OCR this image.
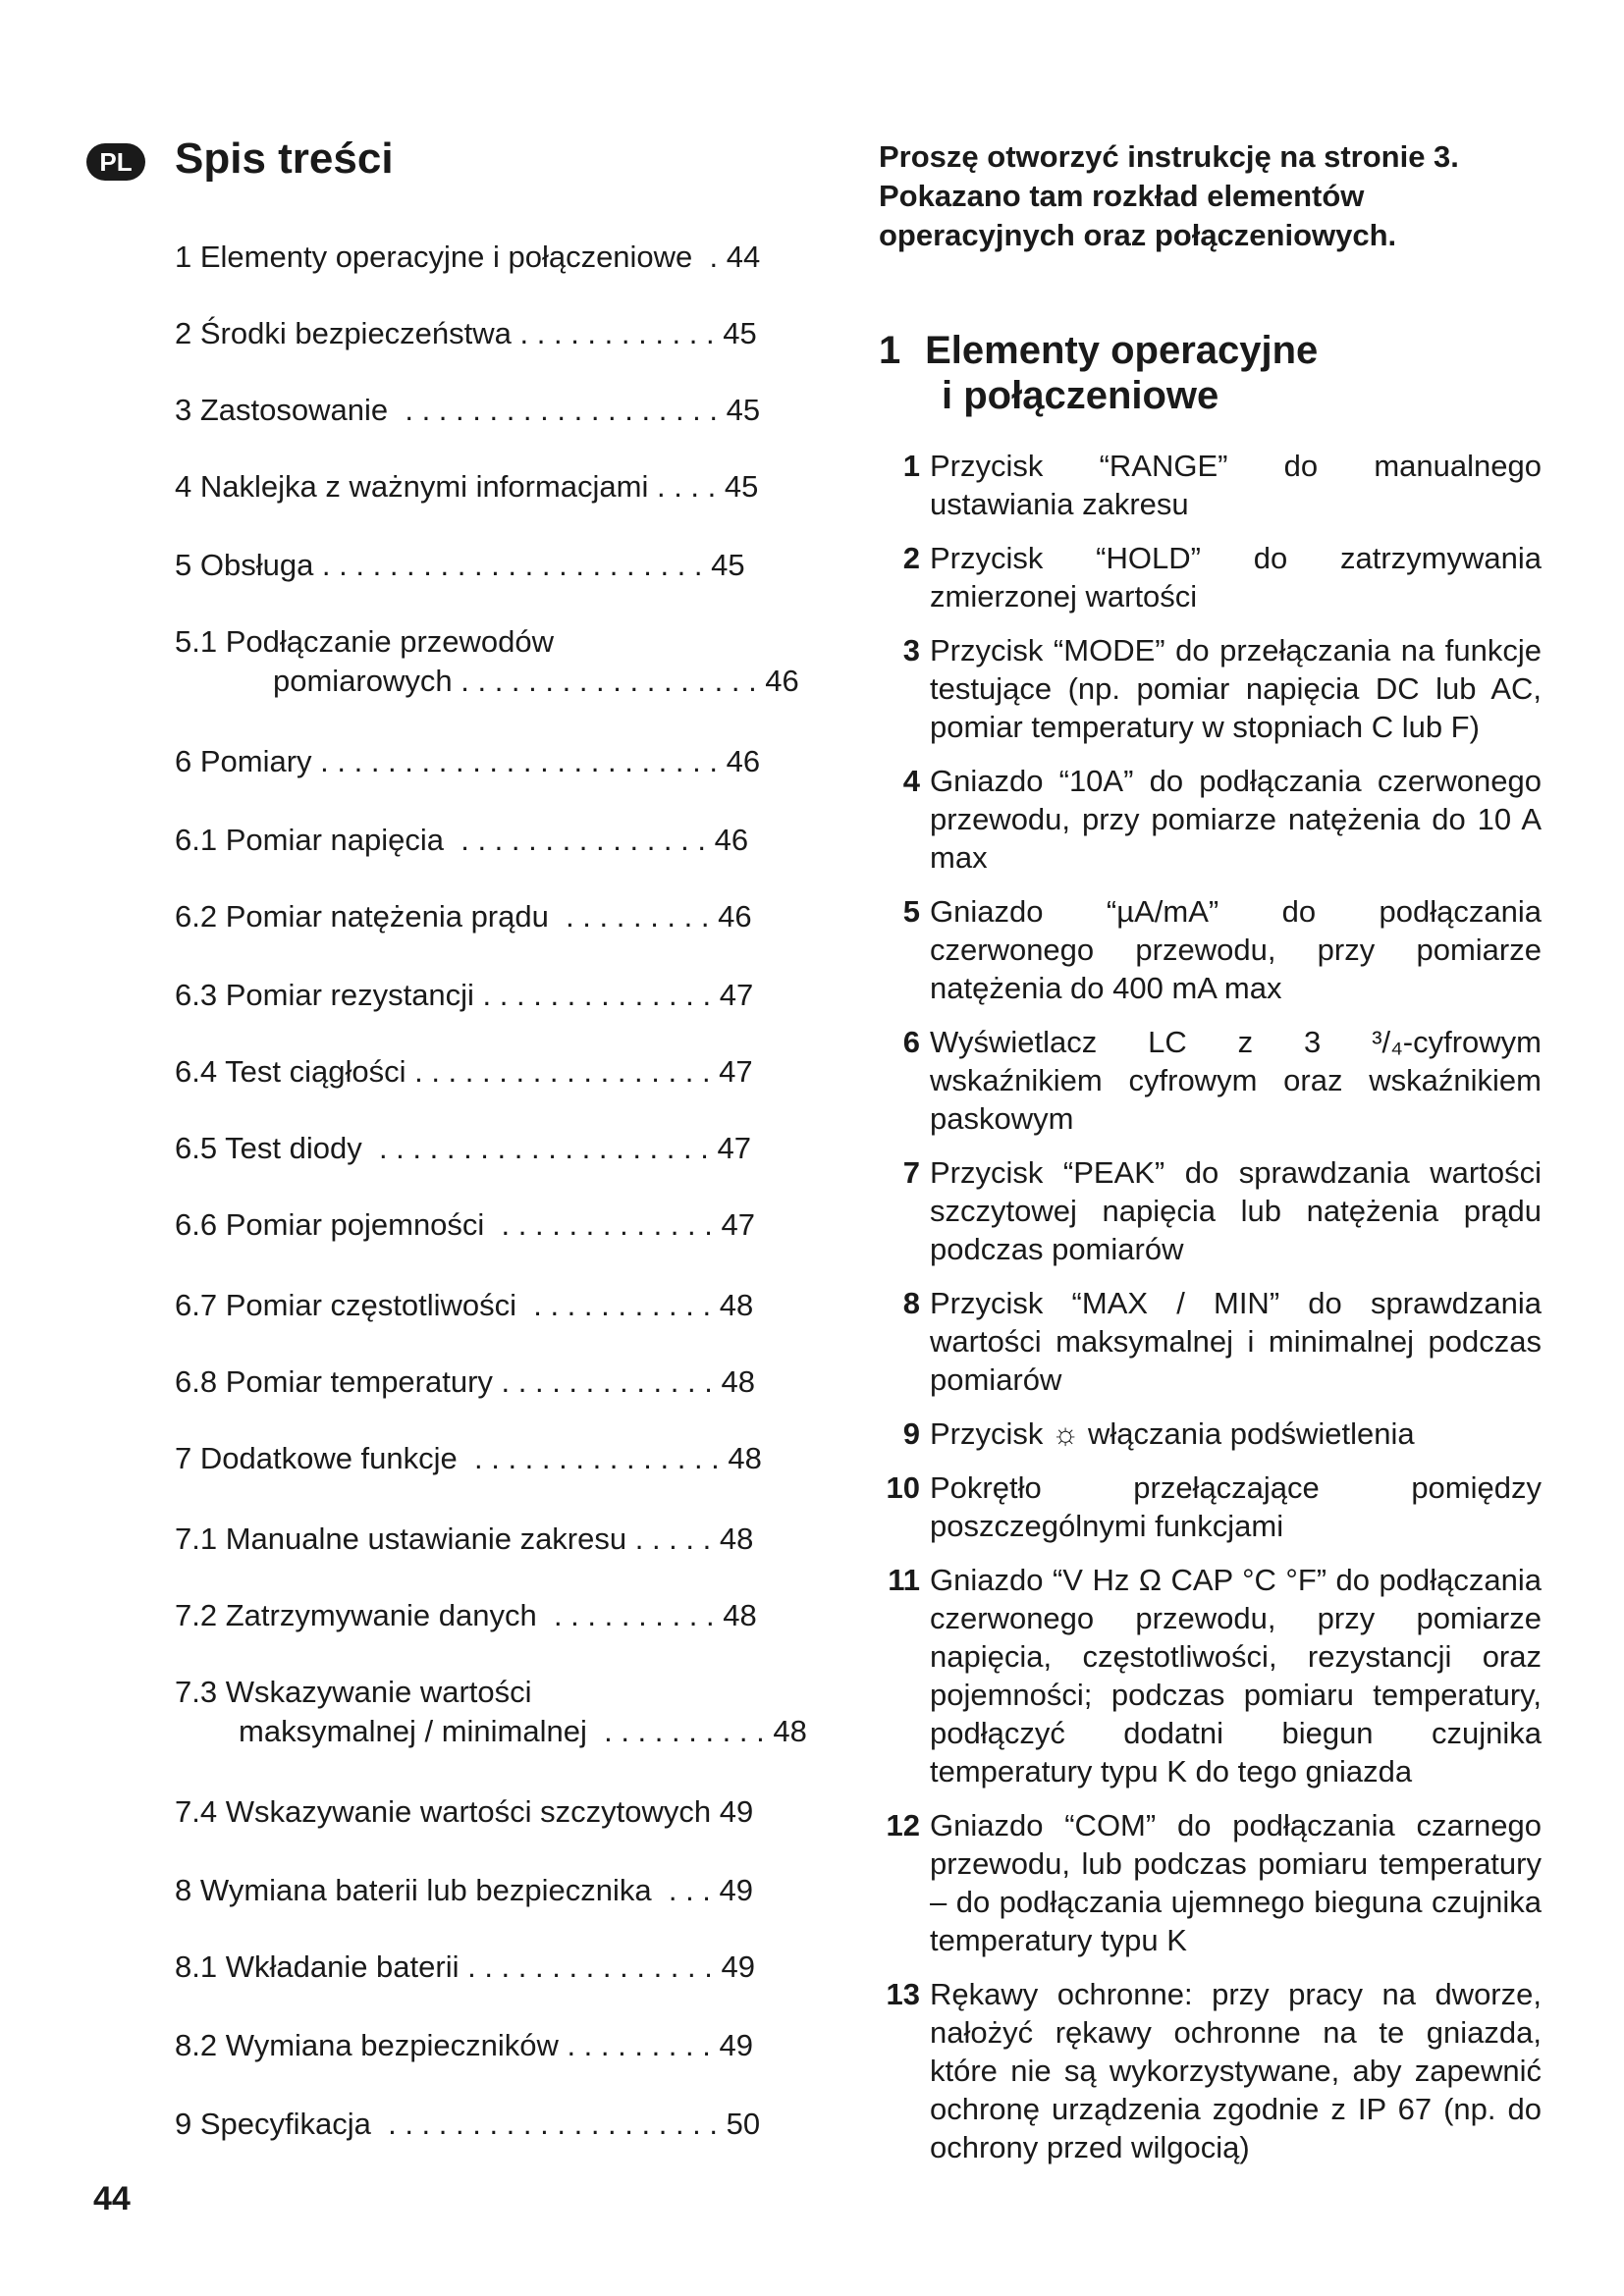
PL Spis treści
1 Elementy operacyjne i połączeniowe  . 44
2 Środki bezpieczeństwa . . . . . . . . . . . . 45
3 Zastosowanie  . . . . . . . . . . . . . . . . . . . 45
4 Naklejka z ważnymi informacjami . . . . 45
5 Obsługa . . . . . . . . . . . . . . . . . . . . . . . 45
5.1 Podłączanie przewodów
pomiarowych . . . . . . . . . . . . . . . . . . 46
6 Pomiary . . . . . . . . . . . . . . . . . . . . . . . . 46
6.1 Pomiar napięcia  . . . . . . . . . . . . . . . 46
6.2 Pomiar natężenia prądu  . . . . . . . . . 46
6.3 Pomiar rezystancji . . . . . . . . . . . . . . 47
6.4 Test ciągłości . . . . . . . . . . . . . . . . . . 47
6.5 Test diody  . . . . . . . . . . . . . . . . . . . . 47
6.6 Pomiar pojemności  . . . . . . . . . . . . . 47
6.7 Pomiar częstotliwości  . . . . . . . . . . . 48
6.8 Pomiar temperatury . . . . . . . . . . . . . 48
7 Dodatkowe funkcje  . . . . . . . . . . . . . . . 48
7.1 Manualne ustawianie zakresu . . . . . 48
7.2 Zatrzymywanie danych  . . . . . . . . . . 48
7.3 Wskazywanie wartości
maksymalnej / minimalnej  . . . . . . . . . . 48
7.4 Wskazywanie wartości szczytowych 49
8 Wymiana baterii lub bezpiecznika  . . . 49
8.1 Wkładanie baterii . . . . . . . . . . . . . . . 49
8.2 Wymiana bezpieczników . . . . . . . . . 49
9 Specyfikacja  . . . . . . . . . . . . . . . . . . . . 50

Proszę otworzyć instrukcję na stronie 3. Pokazano tam rozkład elementów operacyjnych oraz połączeniowych.

1 Elementy operacyjne
i połączeniowe
1 Przycisk “RANGE” do manualnego ustawiania zakresu
2 Przycisk “HOLD” do zatrzymywania zmierzonej wartości
3 Przycisk “MODE” do przełączania na funkcje testujące (np. pomiar napięcia DC lub AC, pomiar temperatury w stopniach C lub F)
4 Gniazdo “10A” do podłączania czerwonego przewodu, przy pomiarze natężenia do 10 A max
5 Gniazdo “µA/mA” do podłączania czerwonego przewodu, przy pomiarze natężenia do 400 mA max
6 Wyświetlacz LC z 3 ³/₄-cyfrowym wskaźnikiem cyfrowym oraz wskaźnikiem paskowym
7 Przycisk “PEAK” do sprawdzania wartości szczytowej napięcia lub natężenia prądu podczas pomiarów
8 Przycisk “MAX / MIN” do sprawdzania wartości maksymalnej i minimalnej podczas pomiarów
9 Przycisk ☼ włączania podświetlenia
10 Pokrętło przełączające pomiędzy poszczególnymi funkcjami
11 Gniazdo “V Hz Ω CAP °C °F” do podłączania czerwonego przewodu, przy pomiarze napięcia, częstotliwości, rezystancji oraz pojemności; podczas pomiaru temperatury, podłączyć dodatni biegun czujnika temperatury typu K do tego gniazda
12 Gniazdo “COM” do podłączania czarnego przewodu, lub podczas pomiaru temperatury – do podłączania ujemnego bieguna czujnika temperatury typu K
13 Rękawy ochronne: przy pracy na dworze, nałożyć rękawy ochronne na te gniazda, które nie są wykorzystywane, aby zapewnić ochronę urządzenia zgodnie z IP 67 (np. do ochrony przed wilgocią)
44
